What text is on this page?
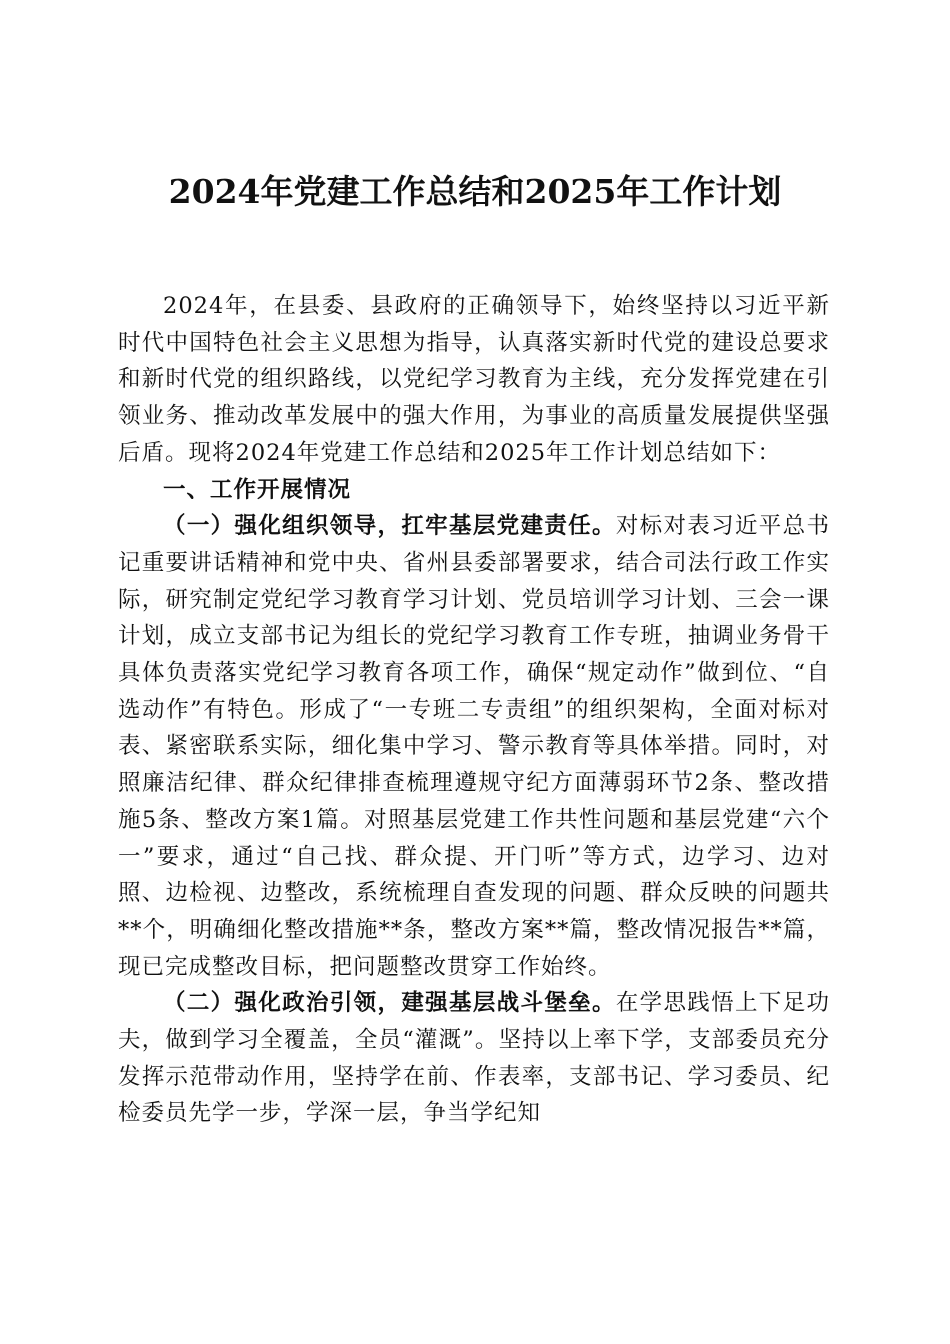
2024年党建工作总结和2025年工作计划

2024年，在县委、县政府的正确领导下，始终坚持以习近平新时代中国特色社会主义思想为指导，认真落实新时代党的建设总要求和新时代党的组织路线，以党纪学习教育为主线，充分发挥党建在引领业务、推动改革发展中的强大作用，为事业的高质量发展提供坚强后盾。现将2024年党建工作总结和2025年工作计划总结如下：

一、工作开展情况

（一）强化组织领导，扛牢基层党建责任。对标对表习近平总书记重要讲话精神和党中央、省州县委部署要求，结合司法行政工作实际，研究制定党纪学习教育学习计划、党员培训学习计划、三会一课计划，成立支部书记为组长的党纪学习教育工作专班，抽调业务骨干具体负责落实党纪学习教育各项工作，确保“规定动作”做到位、“自选动作”有特色。形成了“一专班二专责组”的组织架构，全面对标对表、紧密联系实际，细化集中学习、警示教育等具体举措。同时，对照廉洁纪律、群众纪律排查梳理遵规守纪方面薄弱环节2条、整改措施5条、整改方案1篇。对照基层党建工作共性问题和基层党建“六个一”要求，通过“自己找、群众提、开门听”等方式，边学习、边对照、边检视、边整改，系统梳理自查发现的问题、群众反映的问题共**个，明确细化整改措施**条，整改方案**篇，整改情况报告**篇，现已完成整改目标，把问题整改贯穿工作始终。

（二）强化政治引领，建强基层战斗堡垒。在学思践悟上下足功夫，做到学习全覆盖，全员“灌溉”。坚持以上率下学，支部委员充分发挥示范带动作用，坚持学在前、作表率，支部书记、学习委员、纪检委员先学一步，学深一层，争当学纪知
